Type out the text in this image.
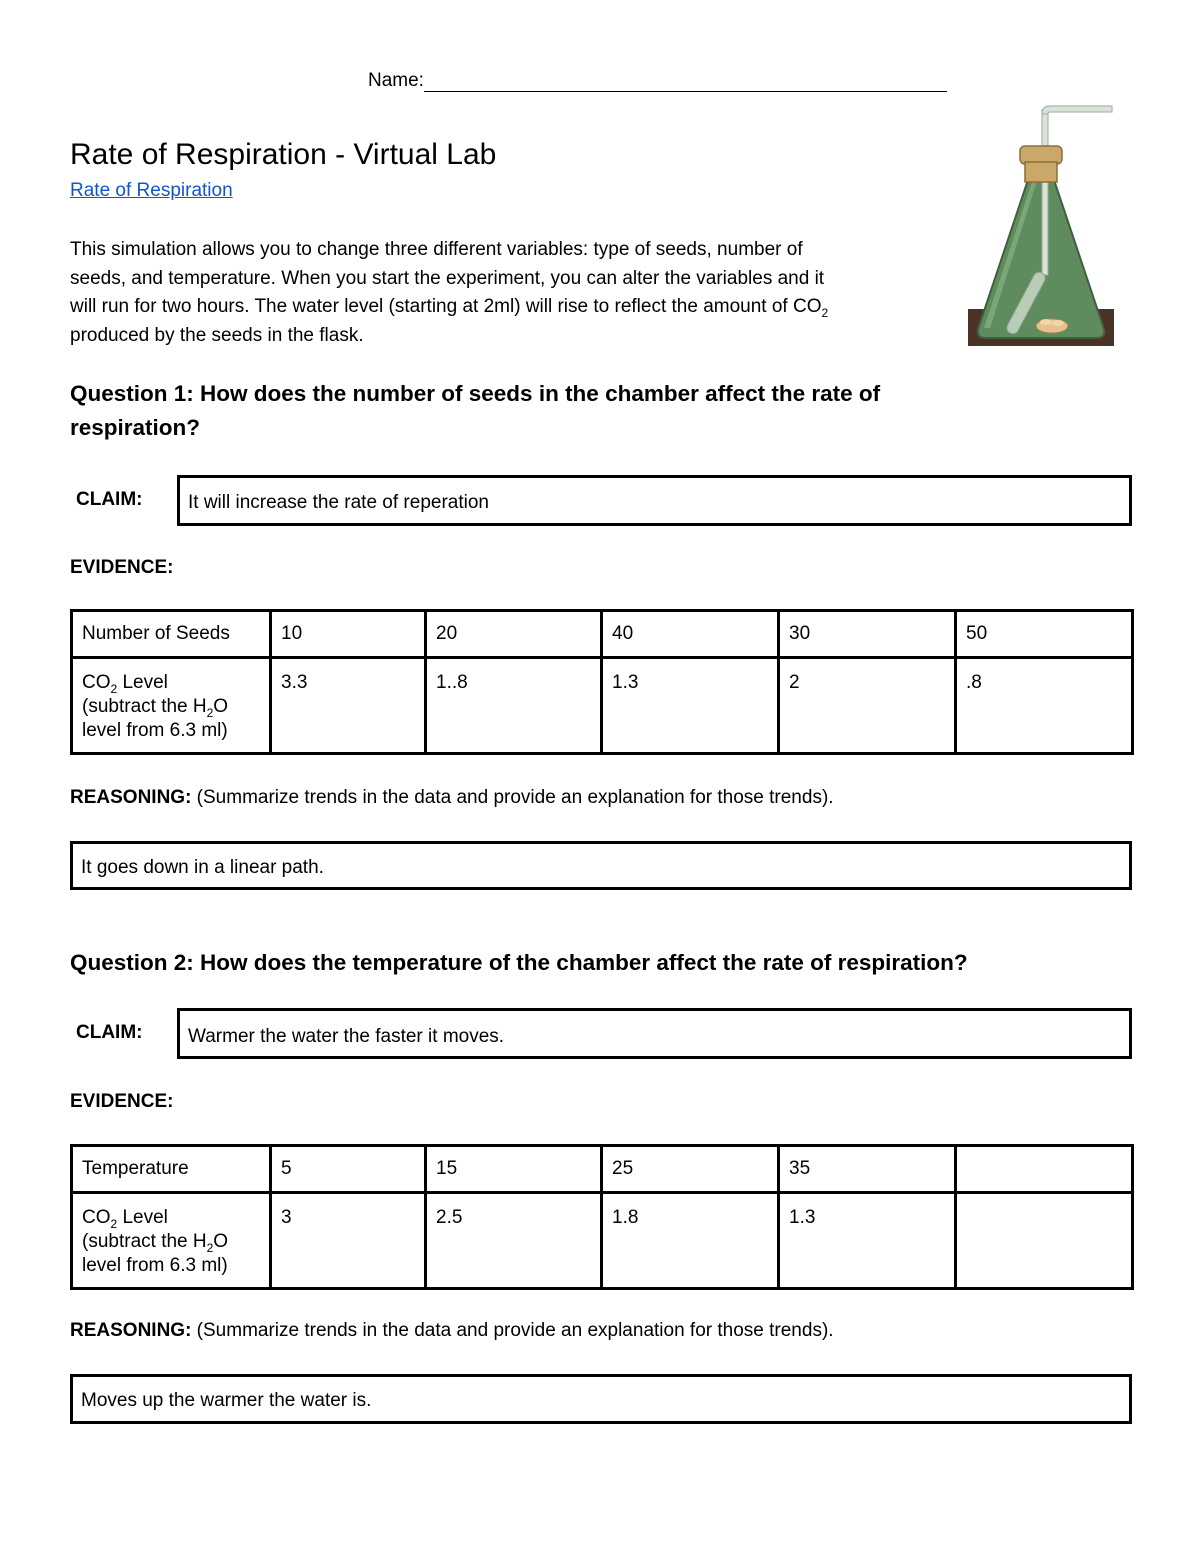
Name:
Rate of Respiration - Virtual Lab
Rate of Respiration

This simulation allows you to change three different variables: type of seeds, number of
seeds, and temperature. When you start the experiment, you can alter the variables and it
will run for two hours. The water level (starting at 2ml) will rise to reflect the amount of $CO_2$
produced by the seeds in the flask.

Question 1: How does the number of seeds in the chamber affect the rate of
respiration?

CLAIM:	It will increase the rate of reperation
EVIDENCE:
Number of Seeds	10	20	40	30	50
$CO_2$ Level
(subtract the $H_2O$
level from 6.3 ml)	3.3	1..8	1.3	2	.8
REASONING: (Summarize trends in the data and provide an explanation for those trends).
It goes down in a linear path.

Question 2: How does the temperature of the chamber affect the rate of respiration?

CLAIM:	Warmer the water the faster it moves.
EVIDENCE:
Temperature	5	15	25	35	
$CO_2$ Level
(subtract the $H_2O$
level from 6.3 ml)	3	2.5	1.8	1.3	
REASONING: (Summarize trends in the data and provide an explanation for those trends).
Moves up the warmer the water is.
